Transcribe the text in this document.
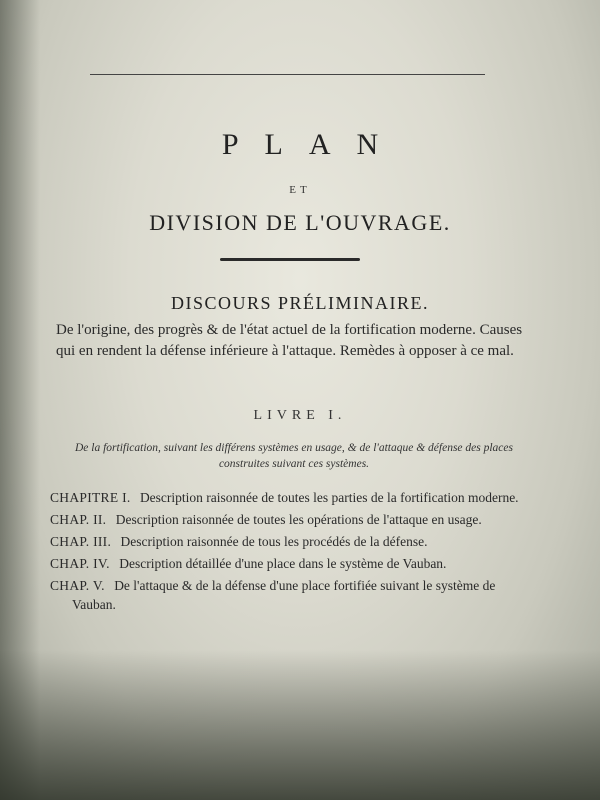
PLAN
ET
DIVISION DE L'OUVRAGE.
DISCOURS PRÉLIMINAIRE.
De l'origine, des progrès & de l'état actuel de la fortification moderne. Causes qui en rendent la défense inférieure à l'attaque. Remèdes à opposer à ce mal.
LIVRE I.
De la fortification, suivant les différens systèmes en usage, & de l'attaque & défense des places construites suivant ces systèmes.

CHAPITRE I. Description raisonnée de toutes les parties de la fortification moderne.

CHAP. II. Description raisonnée de toutes les opérations de l'attaque en usage.

CHAP. III. Description raisonnée de tous les procédés de la défense.

CHAP. IV. Description détaillée d'une place dans le système de Vauban.

CHAP. V. De l'attaque & de la défense d'une place fortifiée suivant le système de Vauban.
